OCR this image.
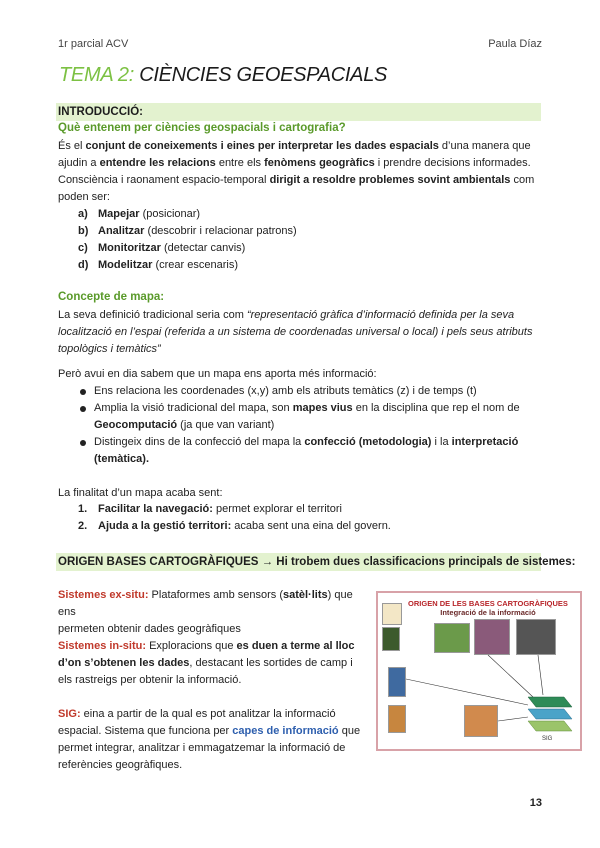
1r parcial ACV	Paula Díaz
TEMA 2: CIÈNCIES GEOESPACIALS
INTRODUCCIÓ:
Què entenem per ciències geospacials i cartografia?

És el conjunt de coneixements i eines per interpretar les dades espacials d’una manera que

ajudin a entendre les relacions entre els fenòmens geogràfics i prendre decisions informades.

Consciència i raonament espacio-temporal dirigit a resoldre problemes sovint ambientals com

poden ser:

a) Mapejar (posicionar)
b) Analitzar (descobrir i relacionar patrons)
c) Monitoritzar (detectar canvis)
d) Modelitzar (crear escenaris)
Concepte de mapa:

La seva definició tradicional seria com “representació gràfica d’informació definida per la seva

localització en l’espai (referida a un sistema de coordenadas universal o local) i pels seus atributs

topològics i temàtics”

Però avui en dia sabem que un mapa ens aporta més informació:
Ens relaciona les coordenades (x,y) amb els atributs temàtics (z) i de temps (t)
Amplia la visió tradicional del mapa, son mapes vius en la disciplina que rep el nom de
Geocomputació (ja que van variant)
Distingeix dins de la confecció del mapa la confecció (metodologia) i la interpretació
(temàtica).
La finalitat d’un mapa acaba sent:
1. Facilitar la navegació: permet explorar el territori
2. Ajuda a la gestió territori: acaba sent una eina del govern.
ORIGEN BASES CARTOGRÀFIQUES → Hi trobem dues classificacions principals de sistemes:

Sistemes ex-situ: Plataformes amb sensors (satèl·lits) que ens

permeten obtenir dades geogràfiques

Sistemes in-situ: Exploracions que es duen a terme al lloc

d’on s’obtenen les dades, destacant les sortides de camp i

els rastreigs per obtenir la informació.

SIG: eina a partir de la qual es pot analitzar la informació

espacial. Sistema que funciona per capes de informació que

permet integrar, analitzar i emmagatzemar la informació de

referències geogràfiques.

ORIGEN DE LES BASES CARTOGRÀFIQUES
Integració de la informació
SIG
13
